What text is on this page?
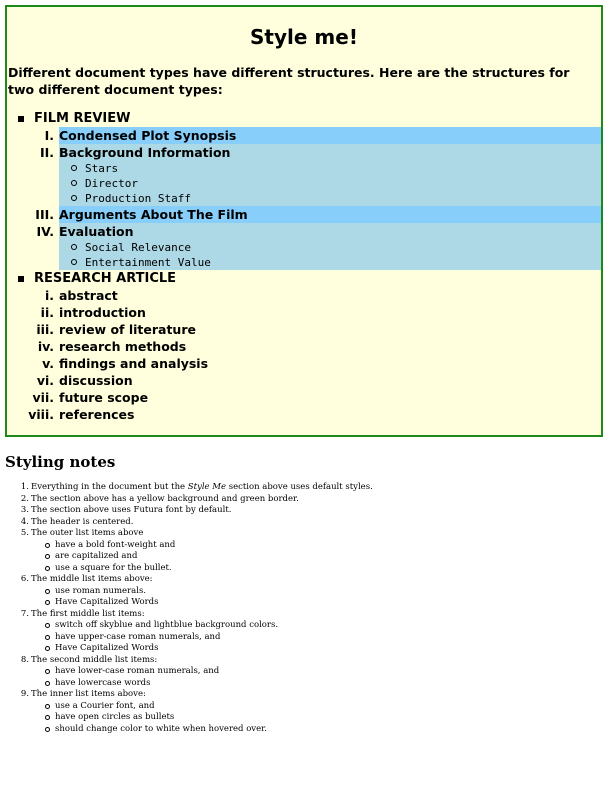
Style me!

Different document types have different structures. Here are the structures for two different document types:

FILM REVIEW
I. Condensed Plot Synopsis
II. Background Information
Stars
Director
Production Staff
III. Arguments About The Film
IV. Evaluation
Social Relevance
Entertainment Value
RESEARCH ARTICLE
i. abstract
ii. introduction
iii. review of literature
iv. research methods
v. findings and analysis
vi. discussion
vii. future scope
viii. references
Styling notes
1. Everything in the document but the Style Me section above uses default styles.
2. The section above has a yellow background and green border.
3. The section above uses Futura font by default.
4. The header is centered.
5. The outer list items above
have a bold font-weight and
are capitalized and
use a square for the bullet.
6. The middle list items above:
use roman numerals.
Have Capitalized Words
7. The first middle list items:
switch off skyblue and lightblue background colors.
have upper-case roman numerals, and
Have Capitalized Words
8. The second middle list items:
have lower-case roman numerals, and
have lowercase words
9. The inner list items above:
use a Courier font, and
have open circles as bullets
should change color to white when hovered over.
